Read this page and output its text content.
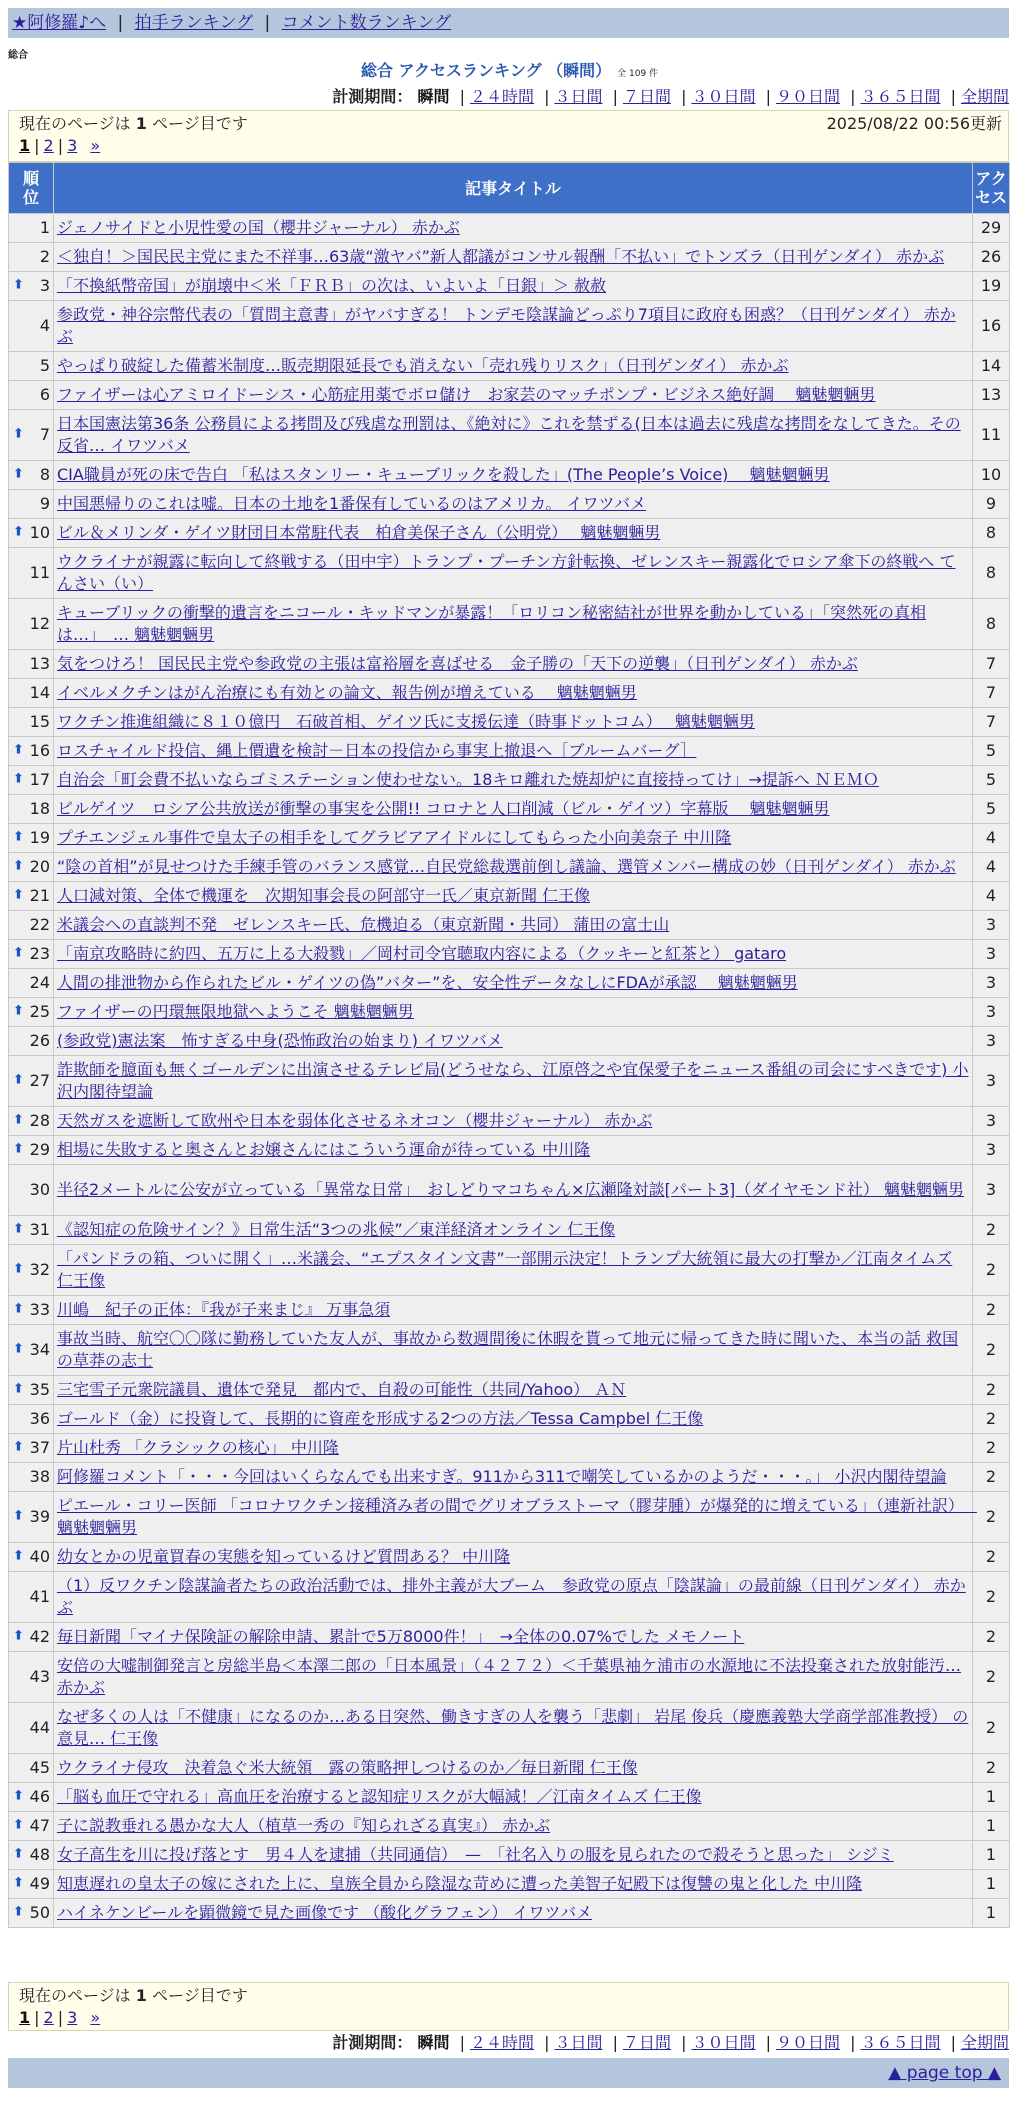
★阿修羅♪へ | 拍手ランキング | コメント数ランキング
総合
総合 アクセスランキング （瞬間） 全 109 件
計測期間： 瞬間 | ２４時間 | ３日間 | ７日間 | ３０日間 | ９０日間 | ３６５日間 | 全期間
現在のページは 1 ページ目です	2025/08/22 00:56更新
1 | 2 | 3 »
順位	記事タイトル	アクセス
1	ジェノサイドと小児性愛の国（櫻井ジャーナル） 赤かぶ	29
2	＜独自！＞国民民主党にまた不祥事…63歳“激ヤバ”新人都議がコンサル報酬「不払い」でトンズラ（日刊ゲンダイ） 赤かぶ	26

⬆ 3	「不換紙幣帝国」が崩壊中＜米「ＦＲＢ」の次は、いよいよ「日銀」＞ 赦赦	19
4	参政党・神谷宗幣代表の「質問主意書」がヤバすぎる！ トンデモ陰謀論どっぷり7項目に政府も困惑？（日刊ゲンダイ） 赤かぶ	16
5	やっぱり破綻した備蓄米制度…販売期限延長でも消えない「売れ残りリスク」（日刊ゲンダイ） 赤かぶ	14
6	ファイザーは心アミロイドーシス・心筋症用薬でボロ儲け　お家芸のマッチポンプ・ビジネス絶好調　 魑魅魍魎男	13

⬆ 7	日本国憲法第36条 公務員による拷問及び残虐な刑罰は、《絶対に》これを禁ずる(日本は過去に残虐な拷問をなしてきた。その反省… イワツバメ	11

⬆ 8	CIA職員が死の床で告白 「私はスタンリー・キューブリックを殺した」(The People’s Voice)　 魑魅魍魎男	10
9	中国悪帰りのこれは嘘。日本の土地を1番保有しているのはアメリカ。 イワツバメ	9

⬆ 10	ビル＆メリンダ・ゲイツ財団日本常駐代表　柏倉美保子さん（公明党）　 魑魅魍魎男	8
11	ウクライナが親露に転向して終戦する（田中宇）トランプ・プーチン方針転換、ゼレンスキー親露化でロシア傘下の終戦へ てんさい（い）	8
12	キューブリックの衝撃的遺言をニコール・キッドマンが暴露！「ロリコン秘密結社が世界を動かしている」「突然死の真相は…」　… 魑魅魍魎男	8
13	気をつけろ！ 国民民主党や参政党の主張は富裕層を喜ばせる　金子勝の「天下の逆襲」（日刊ゲンダイ） 赤かぶ	7
14	イベルメクチンはがん治療にも有効との論文、報告例が増えている　 魑魅魍魎男	7
15	ワクチン推進組織に８１０億円　石破首相、ゲイツ氏に支援伝達（時事ドットコム）　 魑魅魍魎男	7

⬆ 16	ロスチャイルド投信、縄上價遺を検討－日本の投信から事実上撤退へ［ブルームバーグ］	5

⬆ 17	自治会「町会費不払いならゴミステーション使わせない。18キロ離れた焼却炉に直接持ってけ」→提訴へ ＮＥＭＯ	5
18	ビルゲイツ　ロシア公共放送が衝撃の事実を公開!! コロナと人口削減（ビル・ゲイツ）字幕版　 魑魅魍魎男	5

⬆ 19	プチエンジェル事件で皇太子の相手をしてグラビアアイドルにしてもらった小向美奈子 中川隆	4

⬆ 20	“陰の首相”が見せつけた手練手管のバランス感覚…自民党総裁選前倒し議論、選管メンバー構成の妙（日刊ゲンダイ） 赤かぶ	4

⬆ 21	人口減対策、全体で機運を　次期知事会長の阿部守一氏／東京新聞 仁王像	4
22	米議会への直談判不発　ゼレンスキー氏、危機迫る（東京新聞・共同） 蒲田の富士山	3

⬆ 23	「南京攻略時に約四、五万に上る大殺戮」／岡村司令官聴取内容による（クッキーと紅茶と） gataro	3
24	人間の排泄物から作られたビル・ゲイツの偽”バター”を、安全性データなしにFDAが承認　 魑魅魍魎男	3

⬆ 25	ファイザーの円環無限地獄へようこそ 魑魅魍魎男	3
26	(参政党)憲法案　怖すぎる中身(恐怖政治の始まり) イワツバメ	3

⬆ 27	詐欺師を臆面も無くゴールデンに出演させるテレビ局(どうせなら、江原啓之や宜保愛子をニュース番組の司会にすべきです) 小沢内閣待望論	3

⬆ 28	天然ガスを遮断して欧州や日本を弱体化させるネオコン（櫻井ジャーナル） 赤かぶ	3

⬆ 29	相場に失敗すると奥さんとお嬢さんにはこういう運命が待っている 中川隆	3
30	半径2メートルに公安が立っている「異常な日常」　おしどりマコちゃん×広瀬隆対談[パート3]（ダイヤモンド社） 魑魅魍魎男	3

⬆ 31	《認知症の危険サイン？》日常生活“3つの兆候”／東洋経済オンライン 仁王像	2

⬆ 32	「パンドラの箱、ついに開く」…米議会、“エプスタイン文書”一部開示決定！トランプ大統領に最大の打撃か／江南タイムズ 仁王像	2

⬆ 33	川嶋　紀子の正体：『我が子来まじ』 万事急須	2

⬆ 34	事故当時、航空〇〇隊に勤務していた友人が、事故から数週間後に休暇を貰って地元に帰ってきた時に聞いた、本当の話 救国の草莽の志士	2

⬆ 35	三宅雪子元衆院議員、遺体で発見　都内で、自殺の可能性（共同/Yahoo） ＡＮ	2
36	ゴールド（金）に投資して、長期的に資産を形成する2つの方法／Tessa Campbel 仁王像	2

⬆ 37	片山杜秀 「クラシックの核心」 中川隆	2
38	阿修羅コメント「・・・今回はいくらなんでも出来すぎ。911から311で嘲笑しているかのようだ・・・。」 小沢内閣待望論	2

⬆ 39	ピエール・コリー医師 「コロナワクチン接種済み者の間でグリオブラストーマ（膠芽腫）が爆発的に増えている」（連新社訳）　 魑魅魍魎男	2

⬆ 40	幼女とかの児童買春の実態を知っているけど質問ある？ 中川隆	2
41	（1）反ワクチン陰謀論者たちの政治活動では、排外主義が大ブーム　参政党の原点「陰謀論」の最前線（日刊ゲンダイ） 赤かぶ	2

⬆ 42	毎日新聞「マイナ保険証の解除申請、累計で5万8000件！」　→全体の0.07%でした メモノート	2
43	安倍の大嘘制御発言と房総半島＜本澤二郎の「日本風景」（４２７２）＜千葉県袖ケ浦市の水源地に不法投棄された放射能汚… 赤かぶ	2
44	なぜ多くの人は「不健康」になるのか…ある日突然、働きすぎの人を襲う「悲劇」 岩尾 俊兵（慶應義塾大学商学部准教授） の意見… 仁王像	2
45	ウクライナ侵攻　決着急ぐ米大統領　露の策略押しつけるのか／毎日新聞 仁王像	2

⬆ 46	「脳も血圧で守れる」高血圧を治療すると認知症リスクが大幅減！／江南タイムズ 仁王像	1

⬆ 47	子に説教垂れる愚かな大人（植草一秀の『知られざる真実』） 赤かぶ	1

⬆ 48	女子高生を川に投げ落とす　男４人を逮捕（共同通信）　—　「社名入りの服を見られたので殺そうと思った」 シジミ	1

⬆ 49	知恵遅れの皇太子の嫁にされた上に、皇族全員から陰湿な苛めに遭った美智子妃殿下は復讐の鬼と化した 中川隆	1

⬆ 50	ハイネケンビールを顕微鏡で見た画像です （酸化グラフェン） イワツバメ	1
現在のページは 1 ページ目です
1 | 2 | 3 »
計測期間： 瞬間 | ２４時間 | ３日間 | ７日間 | ３０日間 | ９０日間 | ３６５日間 | 全期間
▲ page top ▲
